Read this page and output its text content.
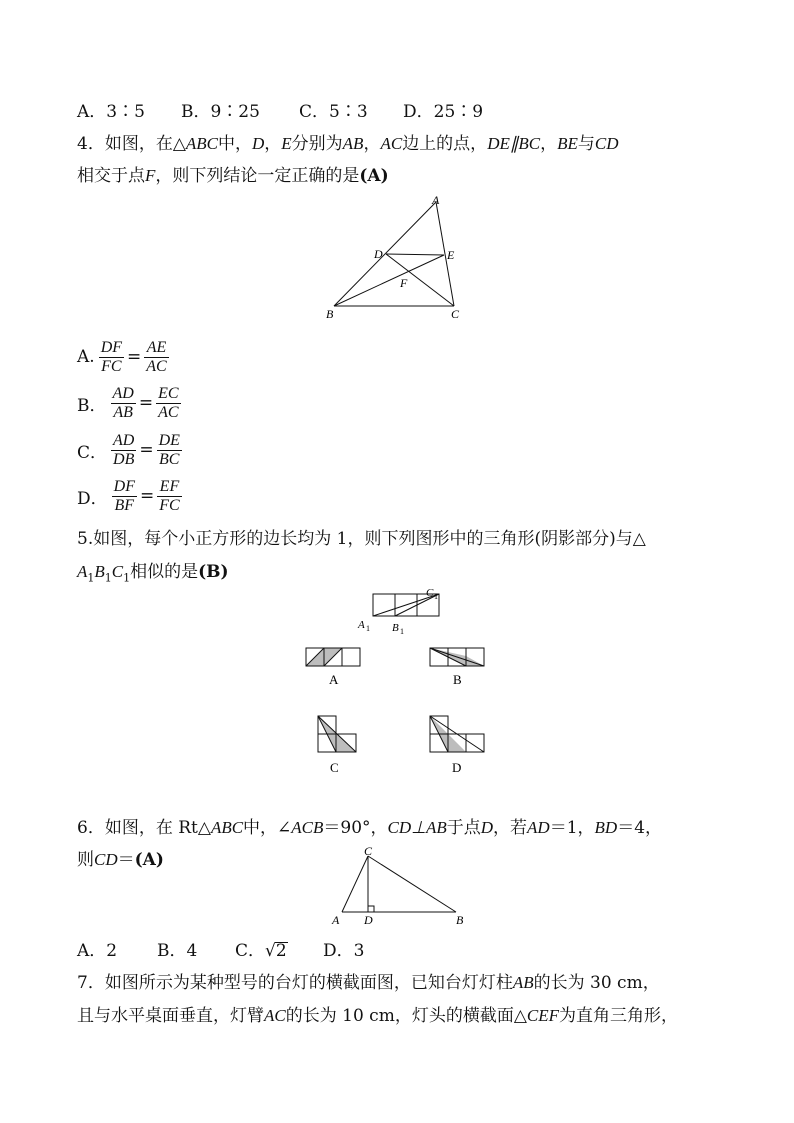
A．3∶5 B．9∶25 C．5∶3 D．25∶9
4．如图，在△ABC中，D，E分别为AB，AC边上的点，DE∥BC，BE与CD
相交于点F，则下列结论一定正确的是(A)
A
D	E
F
B	C
A. $\frac{DF}{FC} = \frac{AE}{AC}$
B． $\frac{AD}{AB} = \frac{EC}{AC}$
C． $\frac{AD}{DB} = \frac{DE}{BC}$
D． $\frac{DF}{BF} = \frac{EF}{FC}$
5.如图，每个小正方形的边长均为 1，则下列图形中的三角形(阴影部分)与△
$A_1B_1C_1$相似的是(B)
C 1
A 1 B 1
A	B
C	D
6．如图，在 Rt△ABC中，∠ACB＝90°，CD⊥AB于点D，若AD＝1，BD＝4，
则CD＝(A)	C
A D	B
A．2 B．4 C．√2 D．3
7．如图所示为某种型号的台灯的横截面图，已知台灯灯柱AB的长为 30 cm，
且与水平桌面垂直，灯臂AC的长为 10 cm，灯头的横截面△CEF为直角三角形，
